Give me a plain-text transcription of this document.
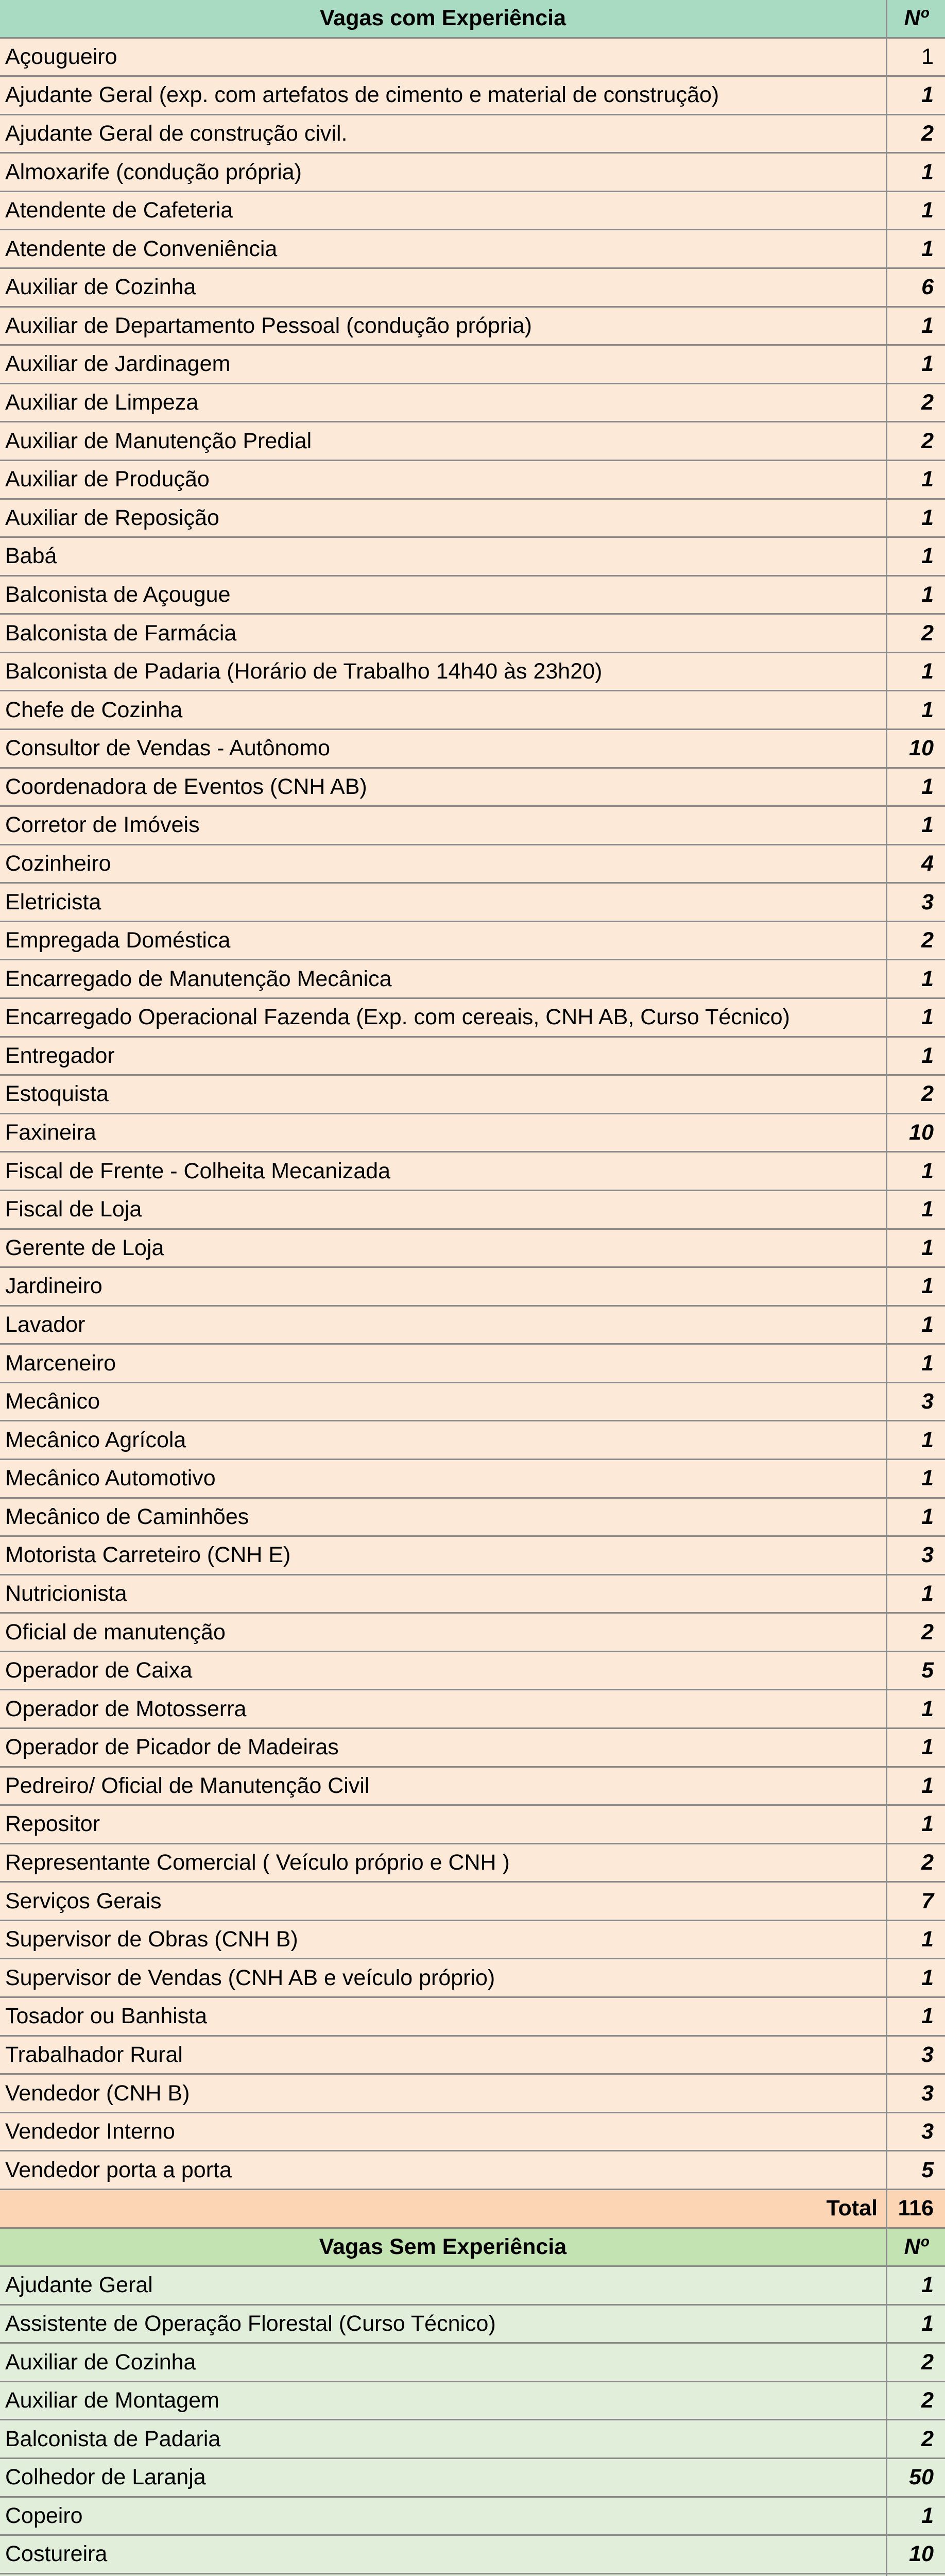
Vagas com Experiência	Nº
Açougueiro	1
Ajudante Geral (exp. com artefatos de cimento e material de construção)	1
Ajudante Geral de construção civil.	2
Almoxarife (condução própria)	1
Atendente de Cafeteria	1
Atendente de Conveniência	1
Auxiliar de Cozinha	6
Auxiliar de Departamento Pessoal (condução própria)	1
Auxiliar de Jardinagem	1
Auxiliar de Limpeza	2
Auxiliar de Manutenção Predial	2
Auxiliar de Produção	1
Auxiliar de Reposição	1
Babá	1
Balconista de Açougue	1
Balconista de Farmácia	2
Balconista de Padaria (Horário de Trabalho 14h40 às 23h20)	1
Chefe de Cozinha	1
Consultor de Vendas - Autônomo	10
Coordenadora de Eventos (CNH AB)	1
Corretor de Imóveis	1
Cozinheiro	4
Eletricista	3
Empregada Doméstica	2
Encarregado de Manutenção Mecânica	1
Encarregado Operacional Fazenda (Exp. com cereais, CNH AB, Curso Técnico)	1
Entregador	1
Estoquista	2
Faxineira	10
Fiscal de Frente - Colheita Mecanizada	1
Fiscal de Loja	1
Gerente de Loja	1
Jardineiro	1
Lavador	1
Marceneiro	1
Mecânico	3
Mecânico Agrícola	1
Mecânico Automotivo	1
Mecânico de Caminhões	1
Motorista Carreteiro (CNH E)	3
Nutricionista	1
Oficial de manutenção	2
Operador de Caixa	5
Operador de Motosserra	1
Operador de Picador de Madeiras	1
Pedreiro/ Oficial de Manutenção Civil	1
Repositor	1
Representante Comercial ( Veículo próprio e CNH )	2
Serviços Gerais	7
Supervisor de Obras (CNH B)	1
Supervisor de Vendas (CNH AB e veículo próprio)	1
Tosador ou Banhista	1
Trabalhador Rural	3
Vendedor (CNH B)	3
Vendedor Interno	3
Vendedor porta a porta	5
Total 116
Vagas Sem Experiência	Nº
Ajudante Geral	1
Assistente de Operação Florestal (Curso Técnico)	1
Auxiliar de Cozinha	2
Auxiliar de Montagem	2
Balconista de Padaria	2
Colhedor de Laranja	50
Copeiro	1
Costureira	10
